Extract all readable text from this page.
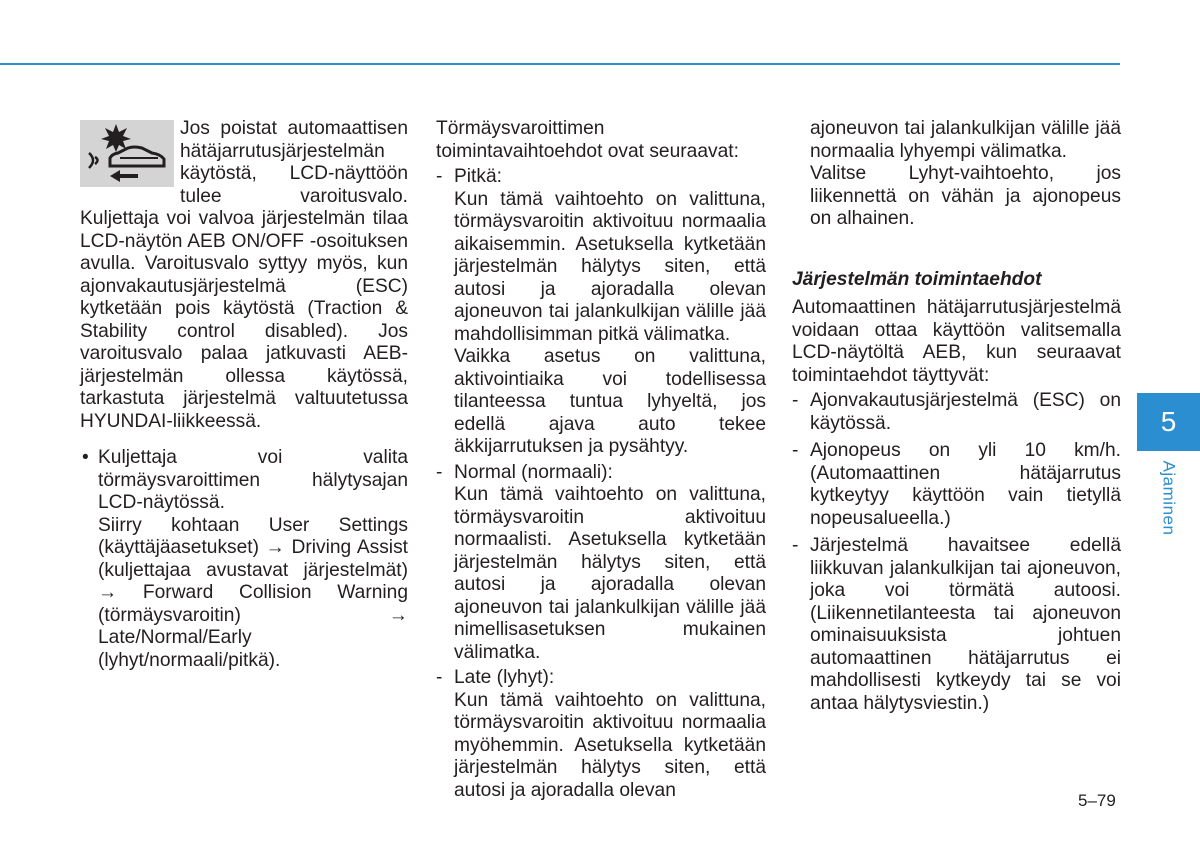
Jos poistat automaattisen hätäjarrutusjärjestelmän käytöstä, LCD-näyttöön tulee varoitusvalo. Kuljettaja voi valvoa järjestelmän tilaa LCD-näytön AEB ON/OFF -osoituksen avulla. Varoitusvalo syttyy myös, kun ajonvakautusjärjestelmä (ESC) kytketään pois käytöstä (Traction & Stability control disabled). Jos varoitusvalo palaa jatkuvasti AEB-järjestelmän ollessa käytössä, tarkastuta järjestelmä valtuutetussa HYUNDAI-liikkeessä.

• Kuljettaja voi valita törmäysvaroittimen hälytysajan LCD-näytössä.

Siirry kohtaan User Settings (käyttäjäasetukset) → Driving Assist (kuljettajaa avustavat järjestelmät) → Forward Collision Warning (törmäysvaroitin) → Late/Normal/Early (lyhyt/normaali/pitkä).

Törmäysvaroittimen toimintavaihtoehdot ovat seuraavat:

- Pitkä:

Kun tämä vaihtoehto on valittuna, törmäysvaroitin aktivoituu normaalia aikaisemmin. Asetuksella kytketään järjestelmän hälytys siten, että autosi ja ajoradalla olevan ajoneuvon tai jalankulkijan välille jää mahdollisimman pitkä välimatka.

Vaikka asetus on valittuna, aktivointiaika voi todellisessa tilanteessa tuntua lyhyeltä, jos edellä ajava auto tekee äkkijarrutuksen ja pysähtyy.

- Normal (normaali):

Kun tämä vaihtoehto on valittuna, törmäysvaroitin aktivoituu normaalisti. Asetuksella kytketään järjestelmän hälytys siten, että autosi ja ajoradalla olevan ajoneuvon tai jalankulkijan välille jää nimellisasetuksen mukainen välimatka.

- Late (lyhyt):

Kun tämä vaihtoehto on valittuna, törmäysvaroitin aktivoituu normaalia myöhemmin. Asetuksella kytketään järjestelmän hälytys siten, että autosi ja ajoradalla olevan

ajoneuvon tai jalankulkijan välille jää normaalia lyhyempi välimatka.

Valitse Lyhyt-vaihtoehto, jos liikennettä on vähän ja ajonopeus on alhainen.

Järjestelmän toimintaehdot

Automaattinen hätäjarrutusjärjestelmä voidaan ottaa käyttöön valitsemalla LCD-näytöltä AEB, kun seuraavat toimintaehdot täyttyvät:

- Ajonvakautusjärjestelmä (ESC) on käytössä.

- Ajonopeus on yli 10 km/h. (Automaattinen hätäjarrutus kytkeytyy käyttöön vain tietyllä nopeusalueella.)

- Järjestelmä havaitsee edellä liikkuvan jalankulkijan tai ajoneuvon, joka voi törmätä autoosi. (Liikennetilanteesta tai ajoneuvon ominaisuuksista johtuen automaattinen hätäjarrutus ei mahdollisesti kytkeydy tai se voi antaa hälytysviestin.)

5
Ajaminen
5–79
